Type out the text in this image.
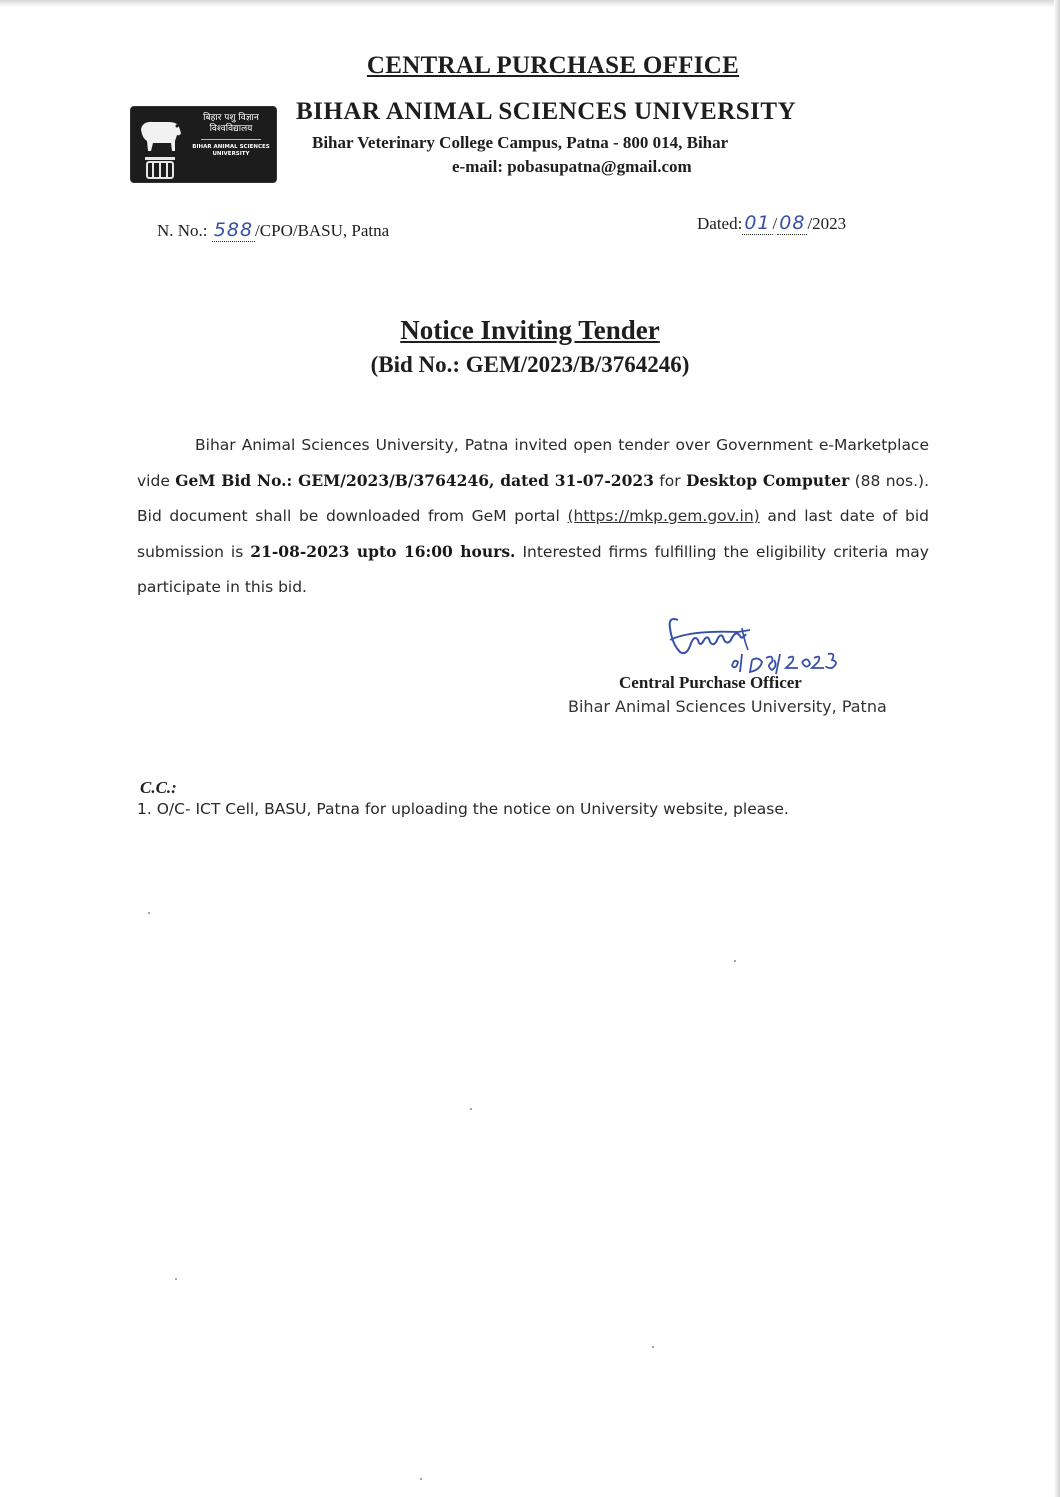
CENTRAL PURCHASE OFFICE
बिहार पशु विज्ञान विश्वविद्यालय
BIHAR ANIMAL SCIENCES UNIVERSITY
BIHAR ANIMAL SCIENCES UNIVERSITY
Bihar Veterinary College Campus, Patna - 800 014, Bihar
e-mail: pobasupatna@gmail.com
N. No.: 588 /CPO/BASU, Patna	Dated: 01 / 08 /2023
Notice Inviting Tender
(Bid No.: GEM/2023/B/3764246)
Bihar Animal Sciences University, Patna invited open tender over Government e-Marketplace vide GeM Bid No.: GEM/2023/B/3764246, dated 31-07-2023 for Desktop Computer (88 nos.). Bid document shall be downloaded from GeM portal (https://mkp.gem.gov.in) and last date of bid submission is 21-08-2023 upto 16:00 hours. Interested firms fulfilling the eligibility criteria may participate in this bid.
Central Purchase Officer
Bihar Animal Sciences University, Patna
C.C.:
1. O/C- ICT Cell, BASU, Patna for uploading the notice on University website, please.
